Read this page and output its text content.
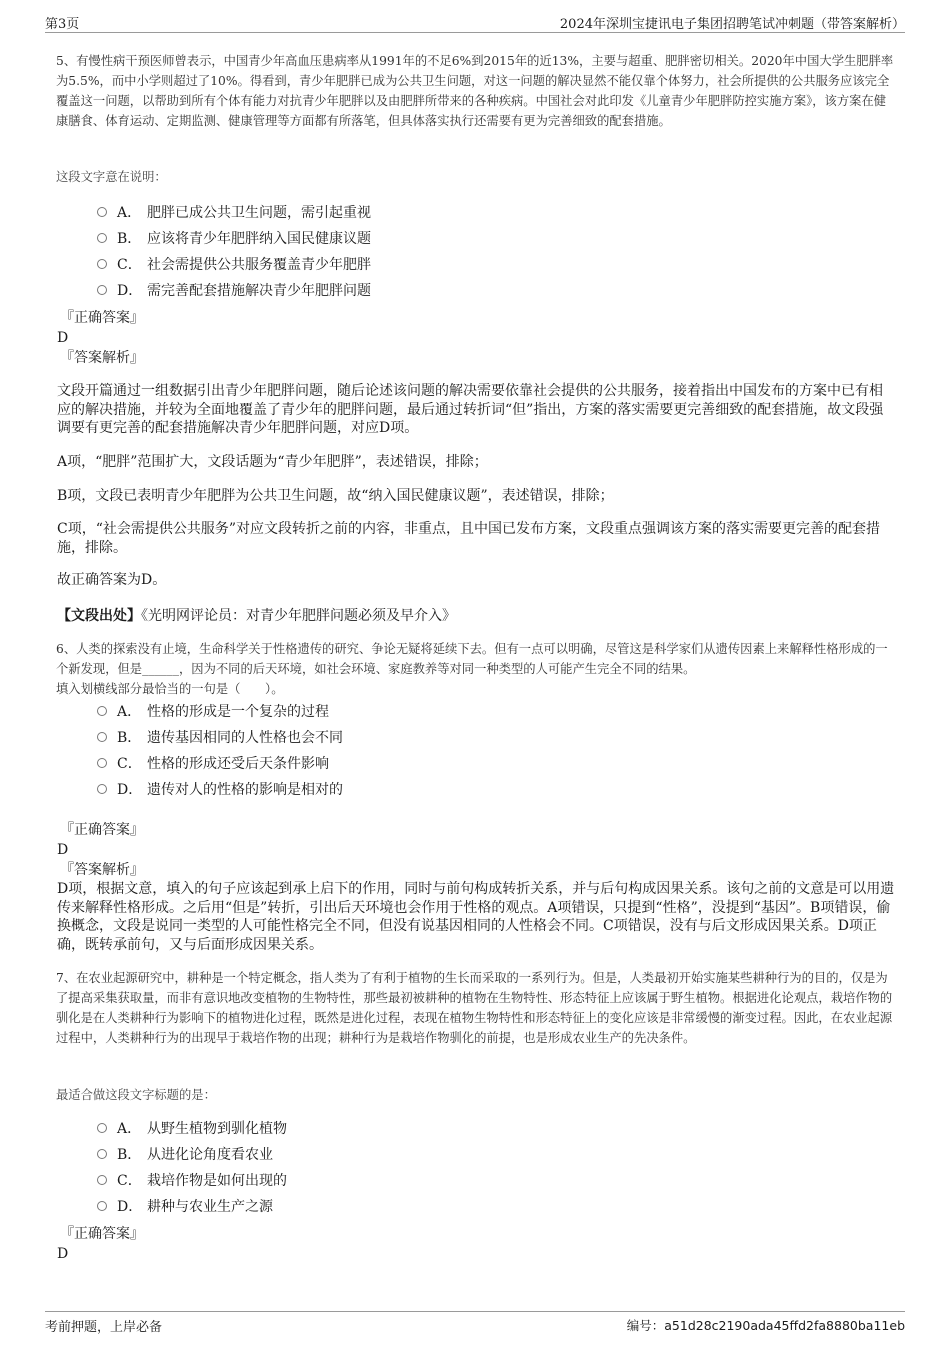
第3页	2024年深圳宝捷讯电子集团招聘笔试冲刺题（带答案解析）
5、有慢性病干预医师曾表示，中国青少年高血压患病率从1991年的不足6%到2015年的近13%，主要与超重、肥胖密切相关。2020年中国大学生肥胖率为5.5%，而中小学则超过了10%。得看到，青少年肥胖已成为公共卫生问题，对这一问题的解决显然不能仅靠个体努力，社会所提供的公共服务应该完全覆盖这一问题，以帮助到所有个体有能力对抗青少年肥胖以及由肥胖所带来的各种疾病。中国社会对此印发《儿童青少年肥胖防控实施方案》，该方案在健康膳食、体育运动、定期监测、健康管理等方面都有所落笔，但具体落实执行还需要有更为完善细致的配套措施。
这段文字意在说明：
A． 肥胖已成公共卫生问题，需引起重视
B． 应该将青少年肥胖纳入国民健康议题
C． 社会需提供公共服务覆盖青少年肥胖
D． 需完善配套措施解决青少年肥胖问题
『正确答案』
D
『答案解析』
文段开篇通过一组数据引出青少年肥胖问题，随后论述该问题的解决需要依靠社会提供的公共服务，接着指出中国发布的方案中已有相应的解决措施，并较为全面地覆盖了青少年的肥胖问题，最后通过转折词“但”指出，方案的落实需要更完善细致的配套措施，故文段强调要有更完善的配套措施解决青少年肥胖问题，对应D项。
A项，“肥胖”范围扩大，文段话题为“青少年肥胖”，表述错误，排除；
B项，文段已表明青少年肥胖为公共卫生问题，故“纳入国民健康议题”，表述错误，排除；
C项，“社会需提供公共服务”对应文段转折之前的内容，非重点，且中国已发布方案，文段重点强调该方案的落实需要更完善的配套措施，排除。
故正确答案为D。
【文段出处】《光明网评论员：对青少年肥胖问题必须及早介入》
6、人类的探索没有止境，生命科学关于性格遗传的研究、争论无疑将延续下去。但有一点可以明确，尽管这是科学家们从遗传因素上来解释性格形成的一个新发现，但是______，因为不同的后天环境，如社会环境、家庭教养等对同一种类型的人可能产生完全不同的结果。
填入划横线部分最恰当的一句是（　　）。
A． 性格的形成是一个复杂的过程
B． 遗传基因相同的人性格也会不同
C． 性格的形成还受后天条件影响
D． 遗传对人的性格的影响是相对的
『正确答案』
D
『答案解析』
D项，根据文意，填入的句子应该起到承上启下的作用，同时与前句构成转折关系，并与后句构成因果关系。该句之前的文意是可以用遗传来解释性格形成。之后用“但是”转折，引出后天环境也会作用于性格的观点。A项错误，只提到“性格”，没提到“基因”。B项错误，偷换概念，文段是说同一类型的人可能性格完全不同，但没有说基因相同的人性格会不同。C项错误，没有与后文形成因果关系。D项正确，既转承前句，又与后面形成因果关系。
7、在农业起源研究中，耕种是一个特定概念，指人类为了有利于植物的生长而采取的一系列行为。但是，人类最初开始实施某些耕种行为的目的，仅是为了提高采集获取量，而非有意识地改变植物的生物特性，那些最初被耕种的植物在生物特性、形态特征上应该属于野生植物。根据进化论观点，栽培作物的驯化是在人类耕种行为影响下的植物进化过程，既然是进化过程，表现在植物生物特性和形态特征上的变化应该是非常缓慢的渐变过程。因此，在农业起源过程中，人类耕种行为的出现早于栽培作物的出现；耕种行为是栽培作物驯化的前提，也是形成农业生产的先决条件。
最适合做这段文字标题的是：
A． 从野生植物到驯化植物
B． 从进化论角度看农业
C． 栽培作物是如何出现的
D． 耕种与农业生产之源
『正确答案』
D
考前押题，上岸必备	编号：a51d28c2190ada45ffd2fa8880ba11eb
